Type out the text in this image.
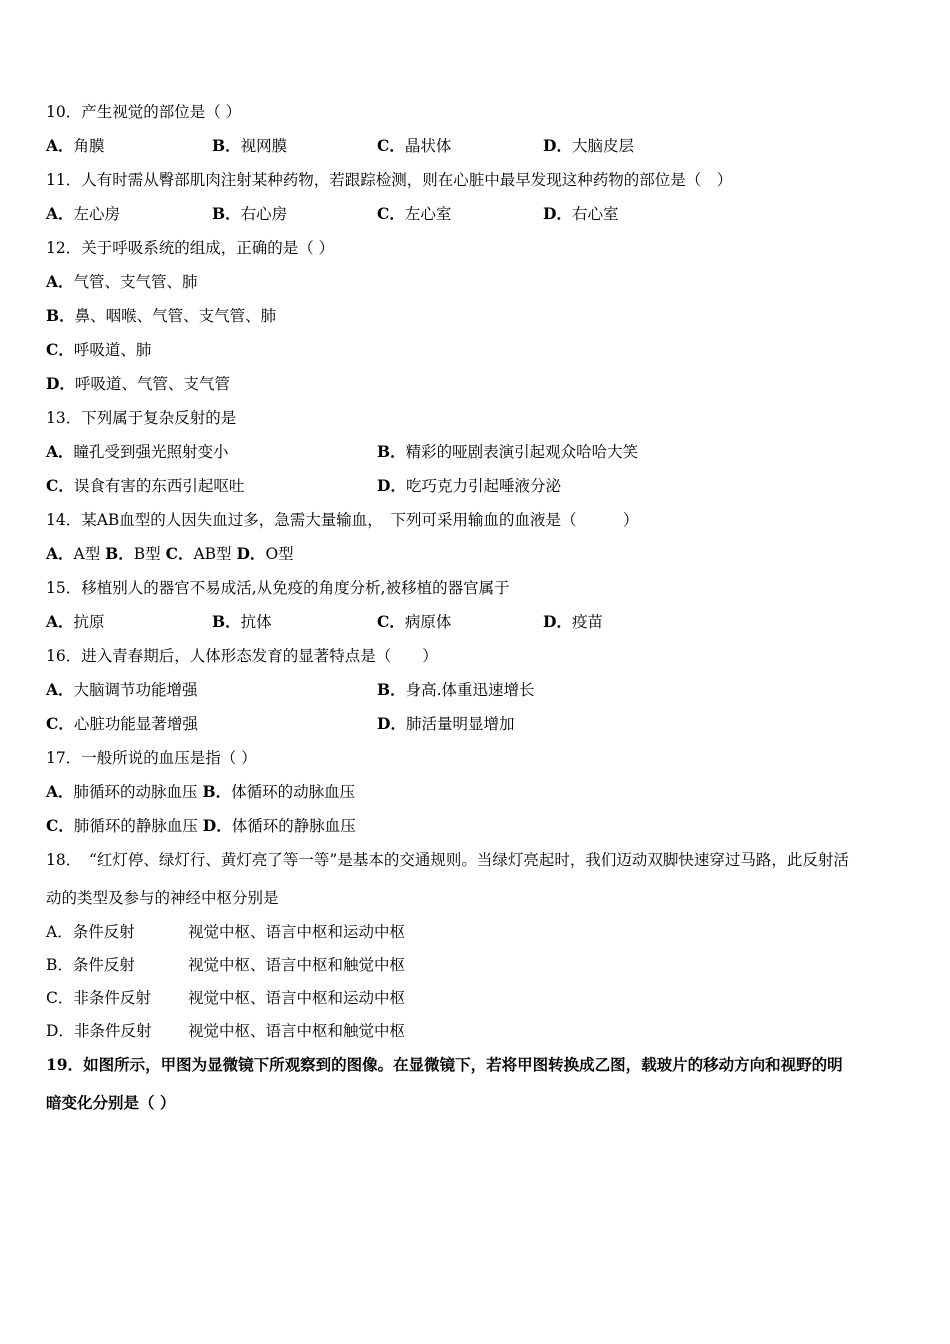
10．产生视觉的部位是（ ）
A．角膜	B．视网膜	C．晶状体	D．大脑皮层
11．人有时需从臀部肌肉注射某种药物，若跟踪检测，则在心脏中最早发现这种药物的部位是（　）
A．左心房	B．右心房	C．左心室	D．右心室
12．关于呼吸系统的组成，正确的是（ ）
A．气管、支气管、肺
B．鼻、咽喉、气管、支气管、肺
C．呼吸道、肺
D．呼吸道、气管、支气管
13．下列属于复杂反射的是
A．瞳孔受到强光照射变小	B．精彩的哑剧表演引起观众哈哈大笑
C．误食有害的东西引起呕吐	D．吃巧克力引起唾液分泌
14．某AB血型的人因失血过多，急需大量输血，　下列可采用输血的血液是（　　　）
A．A型 B．B型 C．AB型 D．O型
15．移植别人的器官不易成活,从免疫的角度分析,被移植的器官属于
A．抗原	B．抗体	C．病原体	D．疫苗
16．进入青春期后，人体形态发育的显著特点是（　　）
A．大脑调节功能增强	B．身高.体重迅速增长
C．心脏功能显著增强	D．肺活量明显增加
17．一般所说的血压是指（ ）
A．肺循环的动脉血压 B．体循环的动脉血压
C．肺循环的静脉血压 D．体循环的静脉血压
18．　“红灯停、绿灯行、黄灯亮了等一等”是基本的交通规则。当绿灯亮起时，我们迈动双脚快速穿过马路，此反射活
动的类型及参与的神经中枢分别是
A．条件反射	视觉中枢、语言中枢和运动中枢
B．条件反射	视觉中枢、语言中枢和触觉中枢
C．非条件反射 视觉中枢、语言中枢和运动中枢
D．非条件反射 视觉中枢、语言中枢和触觉中枢
19．如图所示，甲图为显微镜下所观察到的图像。在显微镜下，若将甲图转换成乙图，载玻片的移动方向和视野的明
暗变化分别是（ ）
